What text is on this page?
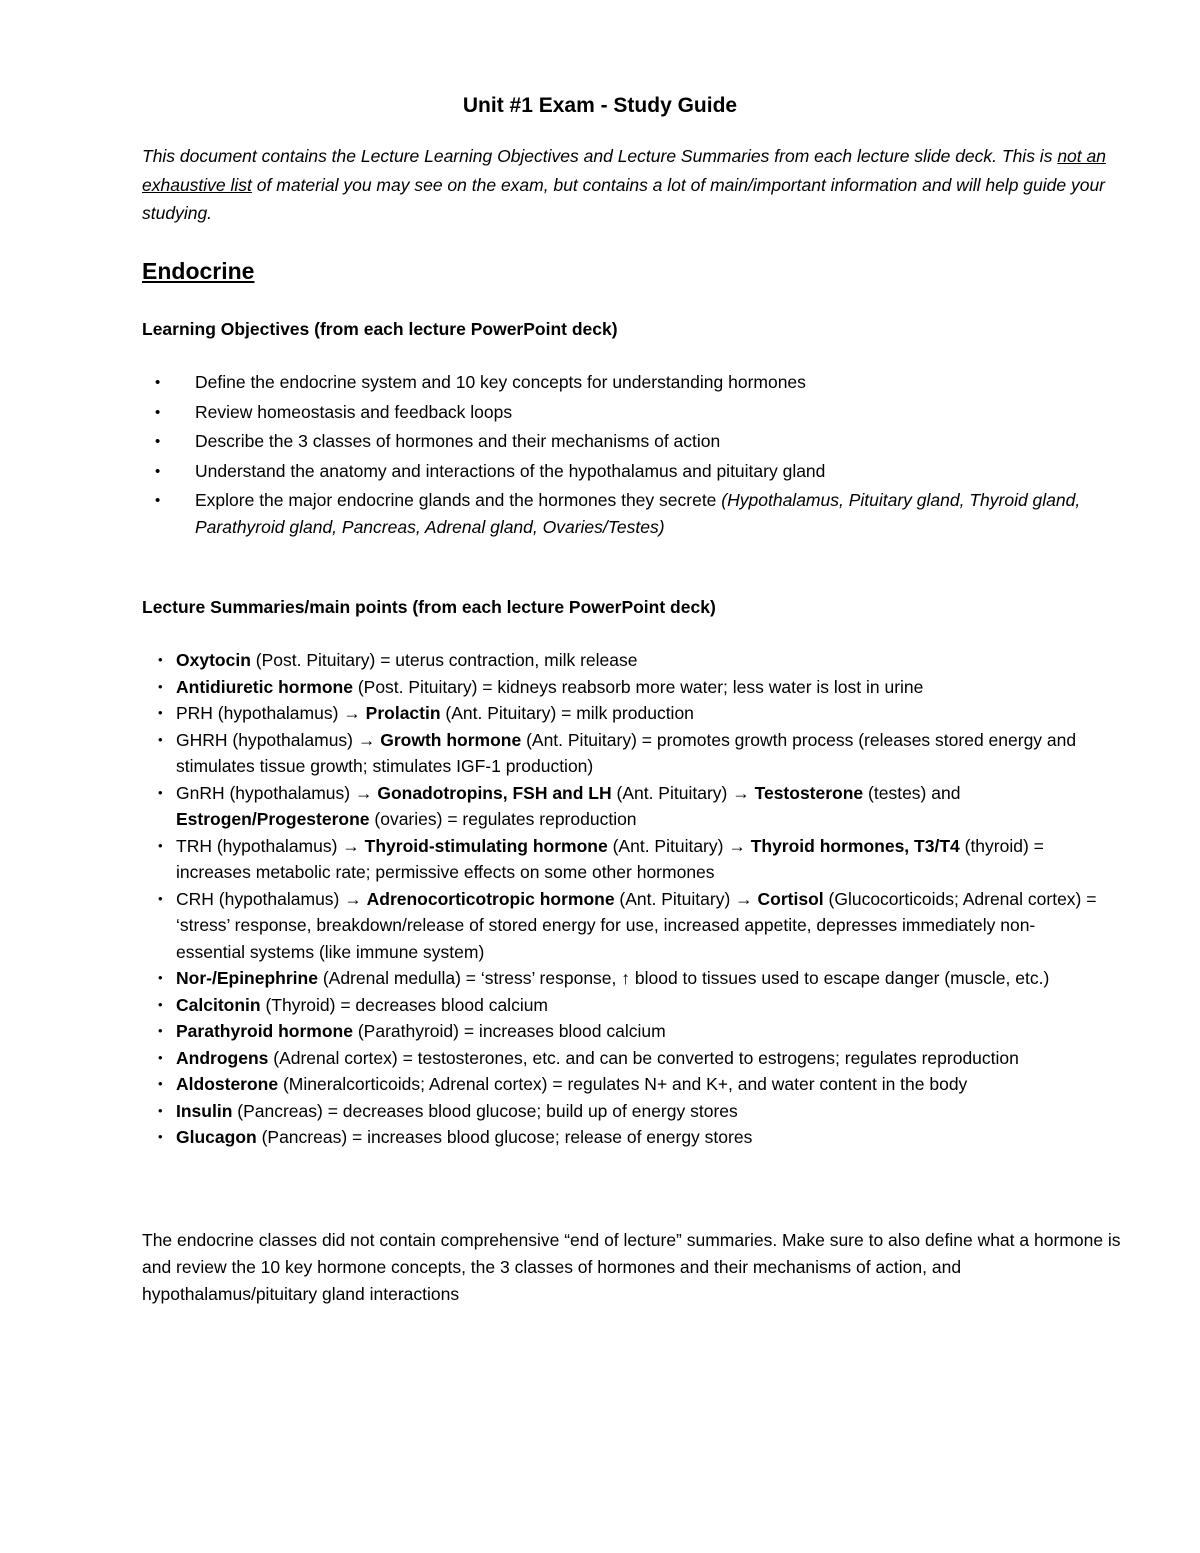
Unit #1 Exam - Study Guide
This document contains the Lecture Learning Objectives and Lecture Summaries from each lecture slide deck. This is not an exhaustive list of material you may see on the exam, but contains a lot of main/important information and will help guide your studying.
Endocrine
Learning Objectives (from each lecture PowerPoint deck)
• Define the endocrine system and 10 key concepts for understanding hormones
• Review homeostasis and feedback loops
• Describe the 3 classes of hormones and their mechanisms of action
• Understand the anatomy and interactions of the hypothalamus and pituitary gland
• Explore the major endocrine glands and the hormones they secrete (Hypothalamus, Pituitary gland, Thyroid gland, Parathyroid gland, Pancreas, Adrenal gland, Ovaries/Testes)
Lecture Summaries/main points (from each lecture PowerPoint deck)
• Oxytocin (Post. Pituitary) = uterus contraction, milk release
• Antidiuretic hormone (Post. Pituitary) = kidneys reabsorb more water; less water is lost in urine
• PRH (hypothalamus) → Prolactin (Ant. Pituitary) = milk production
• GHRH (hypothalamus) → Growth hormone (Ant. Pituitary) = promotes growth process (releases stored energy and stimulates tissue growth; stimulates IGF-1 production)
• GnRH (hypothalamus) → Gonadotropins, FSH and LH (Ant. Pituitary) → Testosterone (testes) and Estrogen/Progesterone (ovaries) = regulates reproduction
• TRH (hypothalamus) → Thyroid-stimulating hormone (Ant. Pituitary) → Thyroid hormones, T3/T4 (thyroid) = increases metabolic rate; permissive effects on some other hormones
• CRH (hypothalamus) → Adrenocorticotropic hormone (Ant. Pituitary) → Cortisol (Glucocorticoids; Adrenal cortex) = ‘stress’ response, breakdown/release of stored energy for use, increased appetite, depresses immediately non-essential systems (like immune system)
• Nor-/Epinephrine (Adrenal medulla) = ‘stress’ response, ↑ blood to tissues used to escape danger (muscle, etc.)
• Calcitonin (Thyroid) = decreases blood calcium
• Parathyroid hormone (Parathyroid) = increases blood calcium
• Androgens (Adrenal cortex) = testosterones, etc. and can be converted to estrogens; regulates reproduction
• Aldosterone (Mineralcorticoids; Adrenal cortex) = regulates N+ and K+, and water content in the body
• Insulin (Pancreas) = decreases blood glucose; build up of energy stores
• Glucagon (Pancreas) = increases blood glucose; release of energy stores
The endocrine classes did not contain comprehensive “end of lecture” summaries. Make sure to also define what a hormone is and review the 10 key hormone concepts, the 3 classes of hormones and their mechanisms of action, and hypothalamus/pituitary gland interactions
